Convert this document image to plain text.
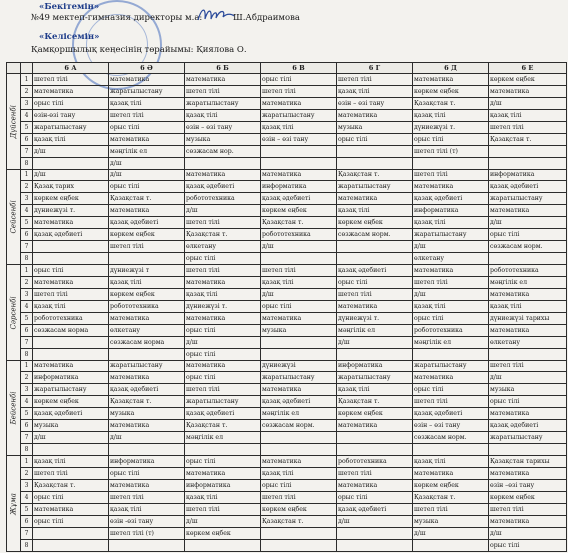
«Бекітемін»
№49 мектеп-гимназия директоры м.а:	Ш.Абдраимова
«Келісемін»
Қамқоршылық кеңесінің төрайымы: Қиялова О.
		6 А	6 Ә	6 Б	6 В	6 Г	6 Д	6 Е
Дүйсенбі	1	шетел тілі	математика	математика	орыс тілі	шетел тілі	математика	көркем еңбек
	2	математика	жаратылыстану	шетел тілі	шетел тілі	қазақ тілі	көркем еңбек	математика
	3	орыс тілі	қазақ тілі	жаратылыстану	математика	өзін – өзі тану	Қазақстан т.	д/ш
	4	өзін-өзі тану	шетел тілі	қазақ тілі	жаратылыстану	математика	қазақ тілі	қазақ тілі
	5	жаратылыстану	орыс тілі	өзін – өзі тану	қазақ тілі	музыка	дүниежүзі т.	шетел тілі
	6	қазақ тілі	математика	музыка	өзін – өзі тану	орыс тілі	орыс тілі	Қазақстан т.
	7	д/ш	мәңгілік ел	сөзжасам нор.			шетел тілі (т)	
	8		д/ш					
Сейсенбі	1	д/ш	д/ш	математика	математика	Қазақстан т.	шетел тілі	информатика
	2	Қазақ тарих	орыс тілі	қазақ әдебиеті	информатика	жаратылыстану	математика	қазақ әдебиеті
	3	көркем еңбек	Қазақстан т.	робототехника	қазақ әдебиеті	математика	қазақ әдебиеті	жаратылыстану
	4	дүниежүзі т.	математика	д/ш	көркем еңбек	қазақ тілі	информатика	математика
	5	математика	қазақ әдебиеті	шетел тілі	Қазақстан т.	көркем еңбек	қазақ тілі	д/ш
	6	қазақ әдебиеті	көркем еңбек	Қазақстан т.	робототехника	сөзжасам норм.	жаратылыстану	орыс тілі
	7		шетел тілі	өлкетану	д/ш		д/ш	сөзжасам норм.
	8			орыс тілі			өлкетану	
Сәрсенбі	1	орыс тілі	дүниежүзі т	шетел тілі	шетел тілі	қазақ әдебиеті	математика	робототехника
	2	математика	қазақ тілі	математика	қазақ тілі	орыс тілі	шетел тілі	мәңгілік ел
	3	шетел тілі	көркем еңбек	қазақ тілі	д/ш	шетел тілі	д/ш	математика
	4	қазақ тілі	робототехника	дүниежүзі т.	орыс тілі	математика	қазақ тілі	қазақ тілі
	5	робототехника	математика	математика	математика	дүниежүзі т.	орыс тілі	дүниежүзі тарихы
	6	сөзжасам норма	өлкетану	орыс тілі	музыка	мәңгілік ел	робототехника	математика
	7		сөзжасам норма	д/ш		д/ш	мәңгілік ел	өлкетану
	8			орыс тілі				
Бейсенбі	1	математика	жаратылыстану	математика	дүниежүзі	информатика	жаратылыстану	шетел тілі
	2	информатика	математика	орыс тілі	жаратылыстану	жаратылыстану	математика	д/ш
	3	жаратылыстану	қазақ әдебиеті	шетел тілі	математика	қазақ тілі	орыс тілі	музыка
	4	көркем еңбек	Қазақстан т.	жаратылыстану	қазақ әдебиеті	Қазақстан т.	шетел тілі	орыс тілі
	5	қазақ әдебиеті	музыка	қазақ әдебиеті	мәңгілік ел	көркем еңбек	қазақ әдебиеті	математика
	6	музыка	математика	Қазақстан т.	сөзжасам норм.	математика	өзін – өзі тану	қазақ әдебиеті
	7	д/ш	д/ш	мәңгілік ел			сөзжасам норм.	жаратылыстану
	8							
Жұма	1	қазақ тілі	информатика	орыс тілі	математика	робототехника	қазақ тілі	Қазақстан тарихы
	2	шетел тілі	орыс тілі	математика	қазақ тілі	шетел тілі	математика	математика
	3	Қазақстан т.	математика	информатика	орыс тілі	математика	көркем еңбек	өзін –өзі тану
	4	орыс тілі	шетел тілі	қазақ тілі	шетел тілі	орыс тілі	Қазақстан т.	көркем еңбек
	5	математика	қазақ тілі	шетел тілі	көркем еңбек	қазақ әдебиеті	шетел тілі	шетел тілі
	6	орыс тілі	өзін -өзі тану	д/ш	Қазақстан т.	д/ш	музыка	математика
	7		шетел тілі (т)	көркем еңбек			д/ш	д/ш
	8							орыс тілі
